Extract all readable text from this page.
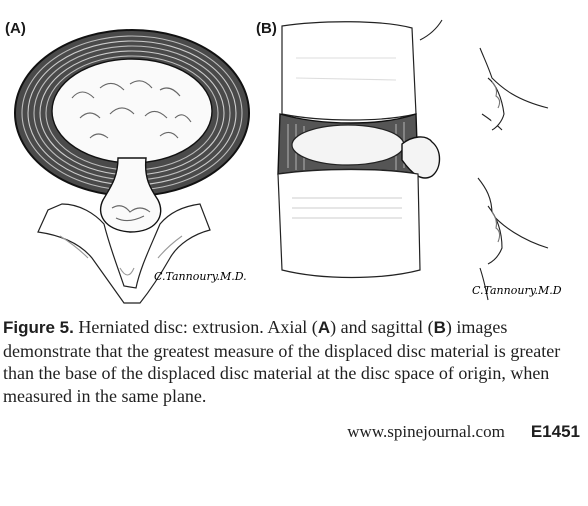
(A)	(B)
C.Tannoury.M.D.
C.Tannoury.M.D
Figure 5. Herniated disc: extrusion. Axial (A) and sagittal (B) images demonstrate that the greatest measure of the displaced disc material is greater than the base of the displaced disc material at the disc space of origin, when measured in the same plane.
www.spinejournal.com E1451
